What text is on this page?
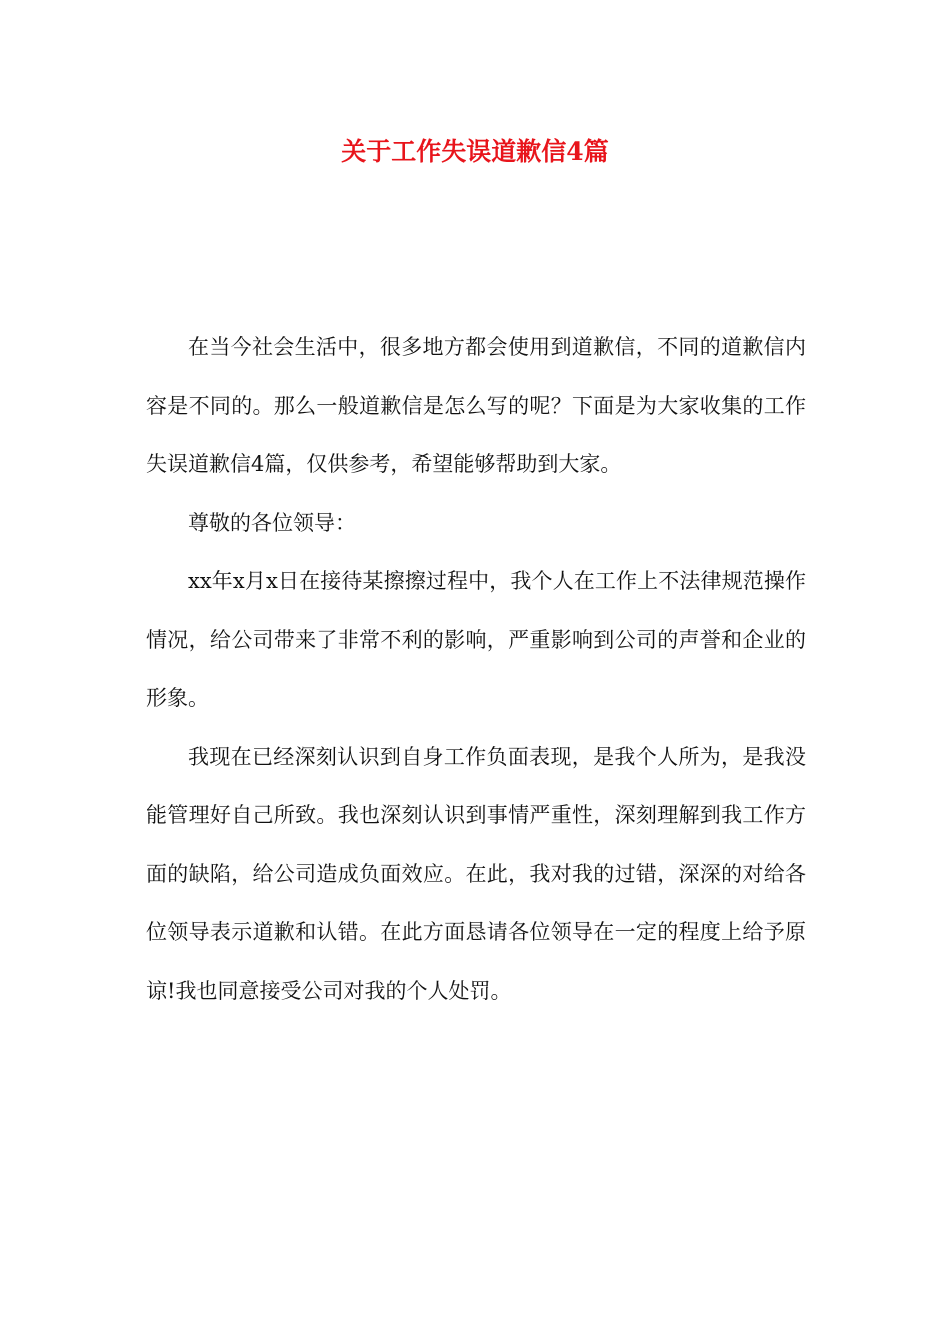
关于工作失误道歉信4篇

在当今社会生活中，很多地方都会使用到道歉信，不同的道歉信内容是不同的。那么一般道歉信是怎么写的呢？下面是为大家收集的工作失误道歉信4篇，仅供参考，希望能够帮助到大家。

尊敬的各位领导：

xx年x月x日在接待某擦擦过程中，我个人在工作上不法律规范操作情况，给公司带来了非常不利的影响，严重影响到公司的声誉和企业的形象。

我现在已经深刻认识到自身工作负面表现，是我个人所为，是我没能管理好自己所致。我也深刻认识到事情严重性，深刻理解到我工作方面的缺陷，给公司造成负面效应。在此，我对我的过错，深深的对给各位领导表示道歉和认错。在此方面恳请各位领导在一定的程度上给予原谅!我也同意接受公司对我的个人处罚。
